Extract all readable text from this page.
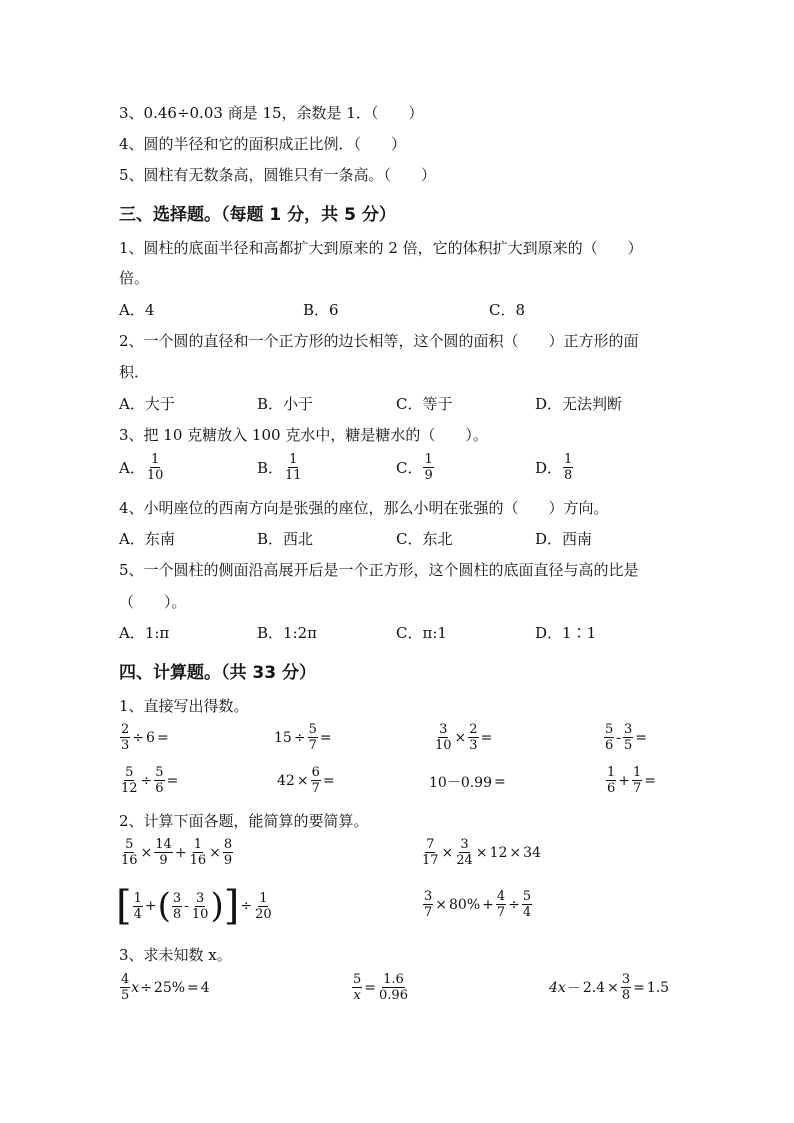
3、0.46÷0.03 商是 15，余数是 1．（　　）
4、圆的半径和它的面积成正比例．（　　）
5、圆柱有无数条高，圆锥只有一条高。（　　）
三、选择题。（每题 1 分，共 5 分）
1、圆柱的底面半径和高都扩大到原来的 2 倍，它的体积扩大到原来的（　　）
倍。
A．4	B．6	C．8
2、一个圆的直径和一个正方形的边长相等，这个圆的面积（　　）正方形的面
积．
A．大于	B．小于	C．等于	D．无法判断
3、把 10 克糖放入 100 克水中，糖是糖水的（　　）。
A． $\frac{1}{10}$	B． $\frac{1}{11}$	C． $\frac{1}{9}$	D． $\frac{1}{8}$
4、小明座位的西南方向是张强的座位，那么小明在张强的（　　）方向。
A．东南	B．西北	C．东北	D．西南
5、一个圆柱的侧面沿高展开后是一个正方形，这个圆柱的底面直径与高的比是
（　　）。
A．1:π	B．1:2π	C．π:1	D．1∶1
四、计算题。（共 33 分）
1、直接写出得数。
$\frac{2}{3} \div 6$ =	$15 \div \frac{5}{7}$ =	$\frac{3}{10} \times \frac{2}{3}$ =	$\frac{5}{6} - \frac{3}{5}$ =
$\frac{5}{12} \div \frac{5}{6}$ =	$42 \times \frac{6}{7}$ =	10－0.99 =	$\frac{1}{6} + \frac{1}{7}$ =
2、计算下面各题，能简算的要简算。
$\frac{5}{16} \times \frac{14}{9} + \frac{1}{16} \times \frac{8}{9}$	$\frac{7}{17} \times \frac{3}{24} \times 12 \times 34$
[ $\frac{1}{4}$ + ( $\frac{3}{8} - \frac{3}{10}$ ) ] ÷ $\frac{1}{20}$	$\frac{3}{7} \times 80\% + \frac{4}{7} \div \frac{5}{4}$
3、求未知数 x。
$\frac{4}{5}$ x ÷ 25% = 4	$\frac{5}{x} = \frac{1.6}{0.96}$	$4x - 2.4 \times \frac{3}{8} = 1.5$
